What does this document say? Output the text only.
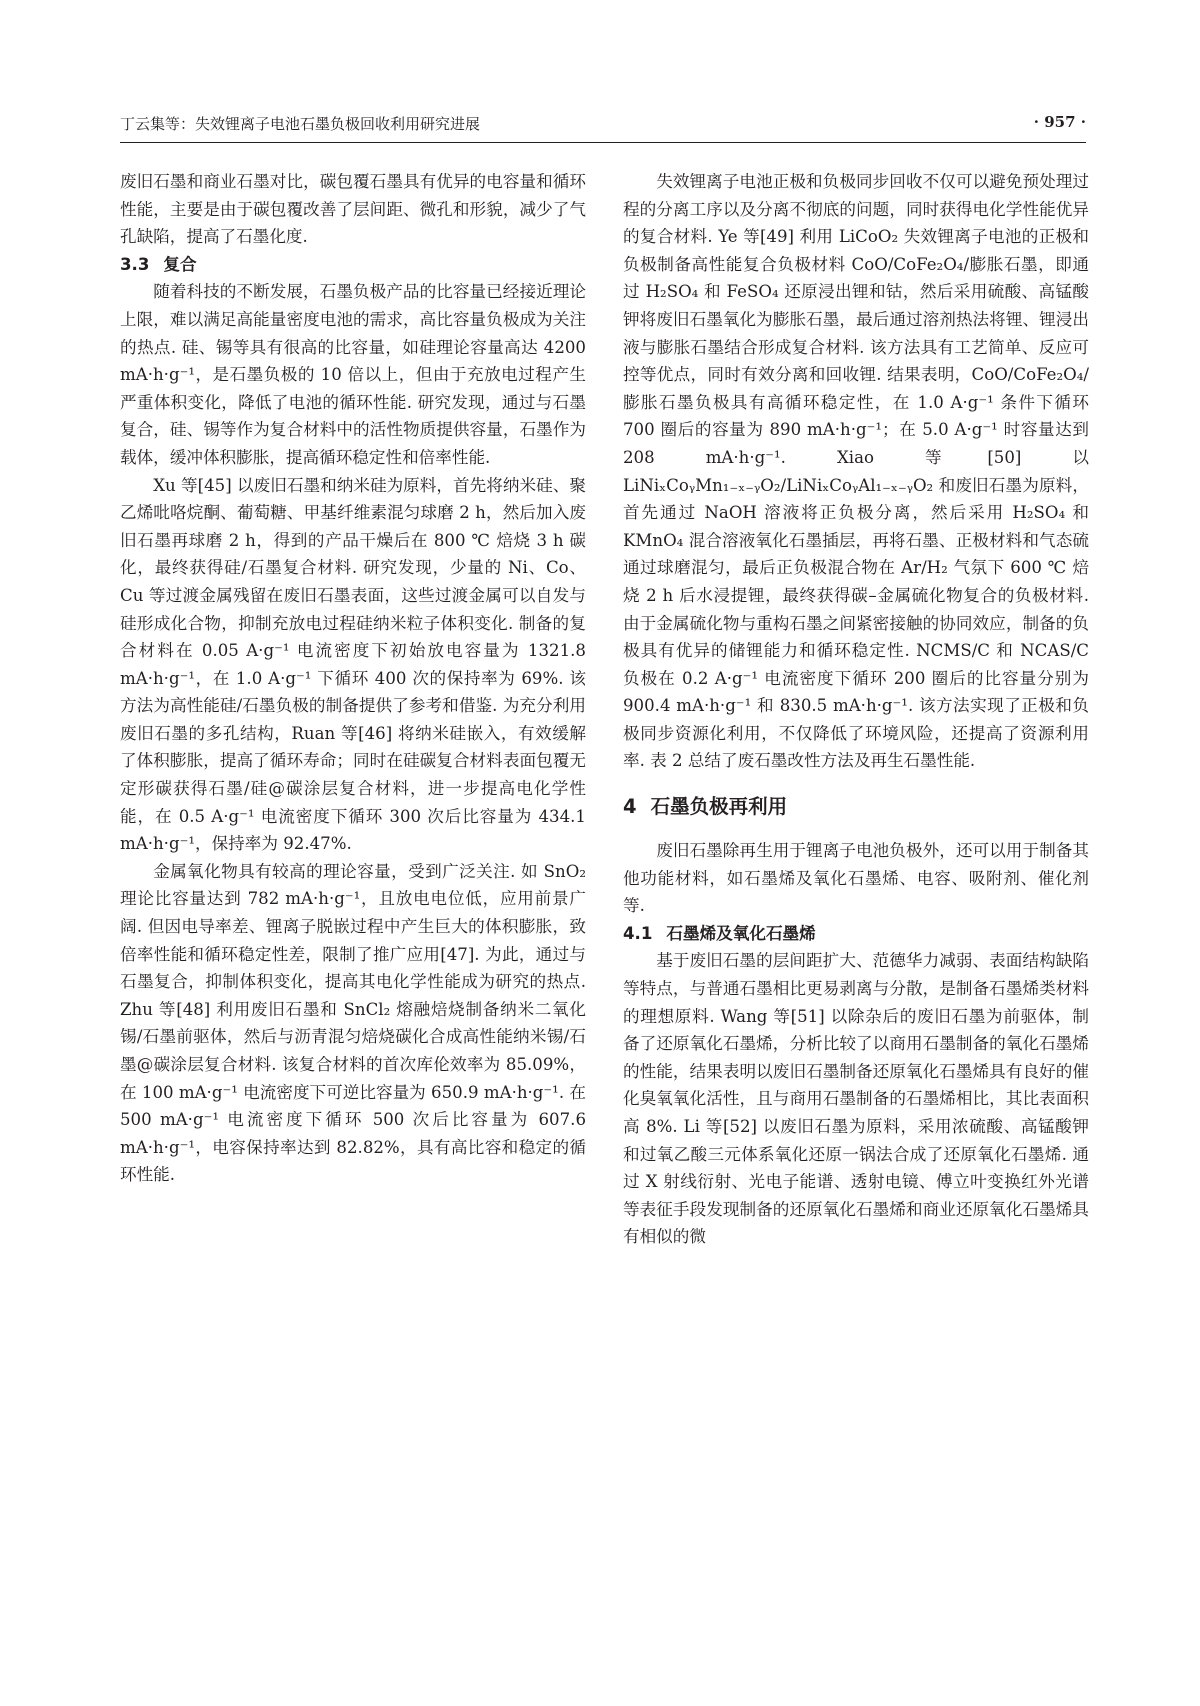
丁云集等：失效锂离子电池石墨负极回收利用研究进展	· 957 ·

废旧石墨和商业石墨对比，碳包覆石墨具有优异的电容量和循环性能，主要是由于碳包覆改善了层间距、微孔和形貌，减少了气孔缺陷，提高了石墨化度.

3.3 复合

随着科技的不断发展，石墨负极产品的比容量已经接近理论上限，难以满足高能量密度电池的需求，高比容量负极成为关注的热点. 硅、锡等具有很高的比容量，如硅理论容量高达 4200 mA·h·g⁻¹，是石墨负极的 10 倍以上，但由于充放电过程产生严重体积变化，降低了电池的循环性能. 研究发现，通过与石墨复合，硅、锡等作为复合材料中的活性物质提供容量，石墨作为载体，缓冲体积膨胀，提高循环稳定性和倍率性能.

Xu 等[45] 以废旧石墨和纳米硅为原料，首先将纳米硅、聚乙烯吡咯烷酮、葡萄糖、甲基纤维素混匀球磨 2 h，然后加入废旧石墨再球磨 2 h，得到的产品干燥后在 800 ℃ 焙烧 3 h 碳化，最终获得硅/石墨复合材料. 研究发现，少量的 Ni、Co、Cu 等过渡金属残留在废旧石墨表面，这些过渡金属可以自发与硅形成化合物，抑制充放电过程硅纳米粒子体积变化. 制备的复合材料在 0.05 A·g⁻¹ 电流密度下初始放电容量为 1321.8 mA·h·g⁻¹，在 1.0 A·g⁻¹ 下循环 400 次的保持率为 69%. 该方法为高性能硅/石墨负极的制备提供了参考和借鉴. 为充分利用废旧石墨的多孔结构，Ruan 等[46] 将纳米硅嵌入，有效缓解了体积膨胀，提高了循环寿命；同时在硅碳复合材料表面包覆无定形碳获得石墨/硅@碳涂层复合材料，进一步提高电化学性能，在 0.5 A·g⁻¹ 电流密度下循环 300 次后比容量为 434.1 mA·h·g⁻¹，保持率为 92.47%.

金属氧化物具有较高的理论容量，受到广泛关注. 如 SnO₂ 理论比容量达到 782 mA·h·g⁻¹，且放电电位低，应用前景广阔. 但因电导率差、锂离子脱嵌过程中产生巨大的体积膨胀，致倍率性能和循环稳定性差，限制了推广应用[47]. 为此，通过与石墨复合，抑制体积变化，提高其电化学性能成为研究的热点. Zhu 等[48] 利用废旧石墨和 SnCl₂ 熔融焙烧制备纳米二氧化锡/石墨前驱体，然后与沥青混匀焙烧碳化合成高性能纳米锡/石墨@碳涂层复合材料. 该复合材料的首次库伦效率为 85.09%，在 100 mA·g⁻¹ 电流密度下可逆比容量为 650.9 mA·h·g⁻¹. 在 500 mA·g⁻¹ 电流密度下循环 500 次后比容量为 607.6 mA·h·g⁻¹，电容保持率达到 82.82%，具有高比容和稳定的循环性能.

失效锂离子电池正极和负极同步回收不仅可以避免预处理过程的分离工序以及分离不彻底的问题，同时获得电化学性能优异的复合材料. Ye 等[49] 利用 LiCoO₂ 失效锂离子电池的正极和负极制备高性能复合负极材料 CoO/CoFe₂O₄/膨胀石墨，即通过 H₂SO₄ 和 FeSO₄ 还原浸出锂和钴，然后采用硫酸、高锰酸钾将废旧石墨氧化为膨胀石墨，最后通过溶剂热法将锂、锂浸出液与膨胀石墨结合形成复合材料. 该方法具有工艺简单、反应可控等优点，同时有效分离和回收锂. 结果表明，CoO/CoFe₂O₄/膨胀石墨负极具有高循环稳定性，在 1.0 A·g⁻¹ 条件下循环 700 圈后的容量为 890 mA·h·g⁻¹；在 5.0 A·g⁻¹ 时容量达到 208 mA·h·g⁻¹. Xiao 等[50] 以 LiNiₓCoᵧMn₁₋ₓ₋ᵧO₂/LiNiₓCoᵧAl₁₋ₓ₋ᵧO₂ 和废旧石墨为原料，首先通过 NaOH 溶液将正负极分离，然后采用 H₂SO₄ 和 KMnO₄ 混合溶液氧化石墨插层，再将石墨、正极材料和气态硫通过球磨混匀，最后正负极混合物在 Ar/H₂ 气氛下 600 ℃ 焙烧 2 h 后水浸提锂，最终获得碳–金属硫化物复合的负极材料. 由于金属硫化物与重构石墨之间紧密接触的协同效应，制备的负极具有优异的储锂能力和循环稳定性. NCMS/C 和 NCAS/C 负极在 0.2 A·g⁻¹ 电流密度下循环 200 圈后的比容量分别为 900.4 mA·h·g⁻¹ 和 830.5 mA·h·g⁻¹. 该方法实现了正极和负极同步资源化利用，不仅降低了环境风险，还提高了资源利用率. 表 2 总结了废石墨改性方法及再生石墨性能.

4 石墨负极再利用

废旧石墨除再生用于锂离子电池负极外，还可以用于制备其他功能材料，如石墨烯及氧化石墨烯、电容、吸附剂、催化剂等.

4.1 石墨烯及氧化石墨烯

基于废旧石墨的层间距扩大、范德华力减弱、表面结构缺陷等特点，与普通石墨相比更易剥离与分散，是制备石墨烯类材料的理想原料. Wang 等[51] 以除杂后的废旧石墨为前驱体，制备了还原氧化石墨烯，分析比较了以商用石墨制备的氧化石墨烯的性能，结果表明以废旧石墨制备还原氧化石墨烯具有良好的催化臭氧氧化活性，且与商用石墨制备的石墨烯相比，其比表面积高 8%. Li 等[52] 以废旧石墨为原料，采用浓硫酸、高锰酸钾和过氧乙酸三元体系氧化还原一锅法合成了还原氧化石墨烯. 通过 X 射线衍射、光电子能谱、透射电镜、傅立叶变换红外光谱等表征手段发现制备的还原氧化石墨烯和商业还原氧化石墨烯具有相似的微
